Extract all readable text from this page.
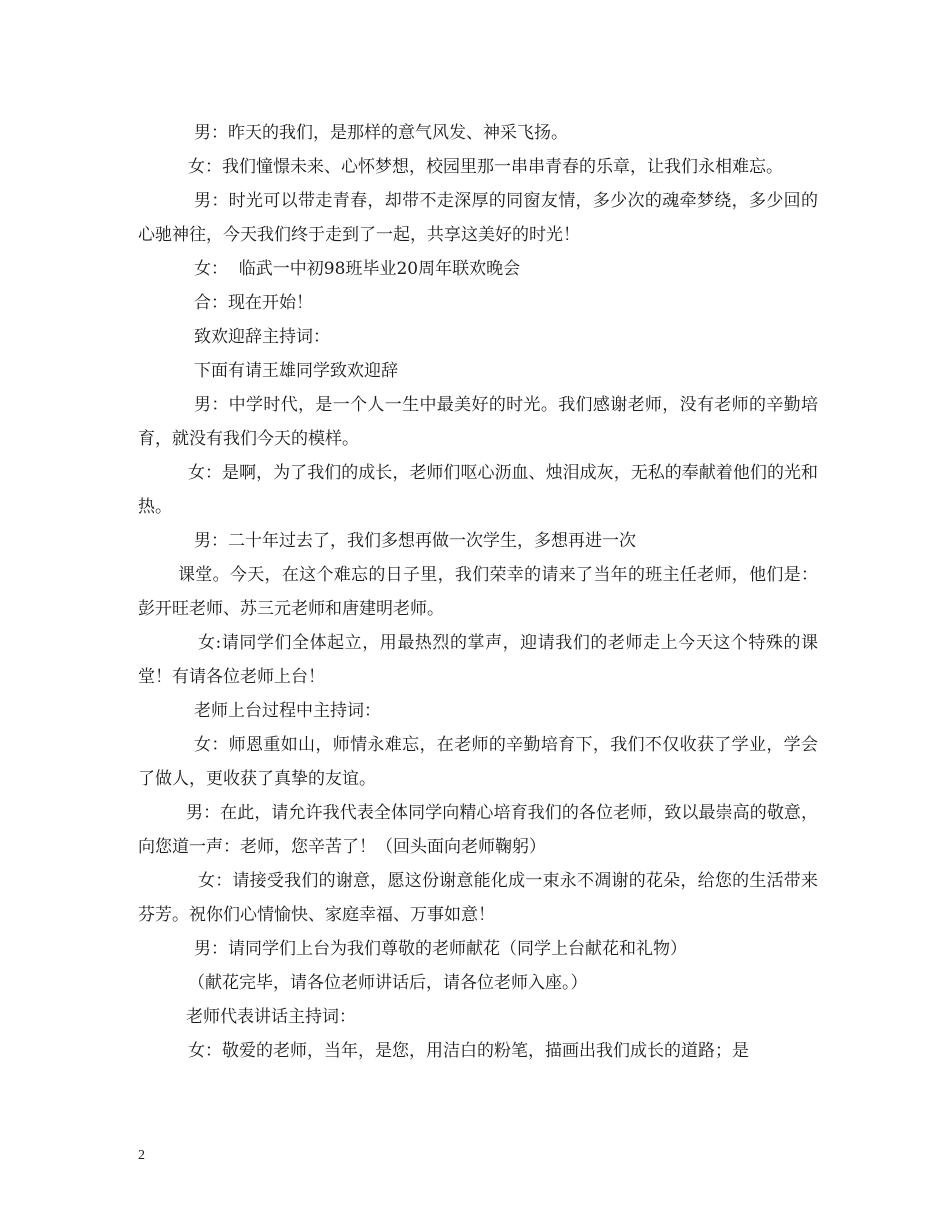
男：昨天的我们，是那样的意气风发、神采飞扬。

女：我们憧憬未来、心怀梦想，校园里那一串串青春的乐章，让我们永相难忘。

男：时光可以带走青春，却带不走深厚的同窗友情，多少次的魂牵梦绕，多少回的心驰神往，今天我们终于走到了一起，共享这美好的时光！

女：  临武一中初98班毕业20周年联欢晚会

合：现在开始！

致欢迎辞主持词：

下面有请王雄同学致欢迎辞

男：中学时代，是一个人一生中最美好的时光。我们感谢老师，没有老师的辛勤培育，就没有我们今天的模样。

女：是啊，为了我们的成长，老师们呕心沥血、烛泪成灰，无私的奉献着他们的光和热。

男：二十年过去了，我们多想再做一次学生，多想再进一次

课堂。今天，在这个难忘的日子里，我们荣幸的请来了当年的班主任老师，他们是：彭开旺老师、苏三元老师和唐建明老师。

女:请同学们全体起立，用最热烈的掌声，迎请我们的老师走上今天这个特殊的课堂！有请各位老师上台！

老师上台过程中主持词：

女：师恩重如山，师情永难忘，在老师的辛勤培育下，我们不仅收获了学业，学会了做人，更收获了真挚的友谊。

男：在此，请允许我代表全体同学向精心培育我们的各位老师，致以最崇高的敬意，向您道一声：老师，您辛苦了！（回头面向老师鞠躬）

女：请接受我们的谢意，愿这份谢意能化成一束永不凋谢的花朵，给您的生活带来芬芳。祝你们心情愉快、家庭幸福、万事如意！

男：请同学们上台为我们尊敬的老师献花（同学上台献花和礼物）

（献花完毕，请各位老师讲话后，请各位老师入座。）

老师代表讲话主持词：

女：敬爱的老师，当年，是您，用洁白的粉笔，描画出我们成长的道路；是

2
